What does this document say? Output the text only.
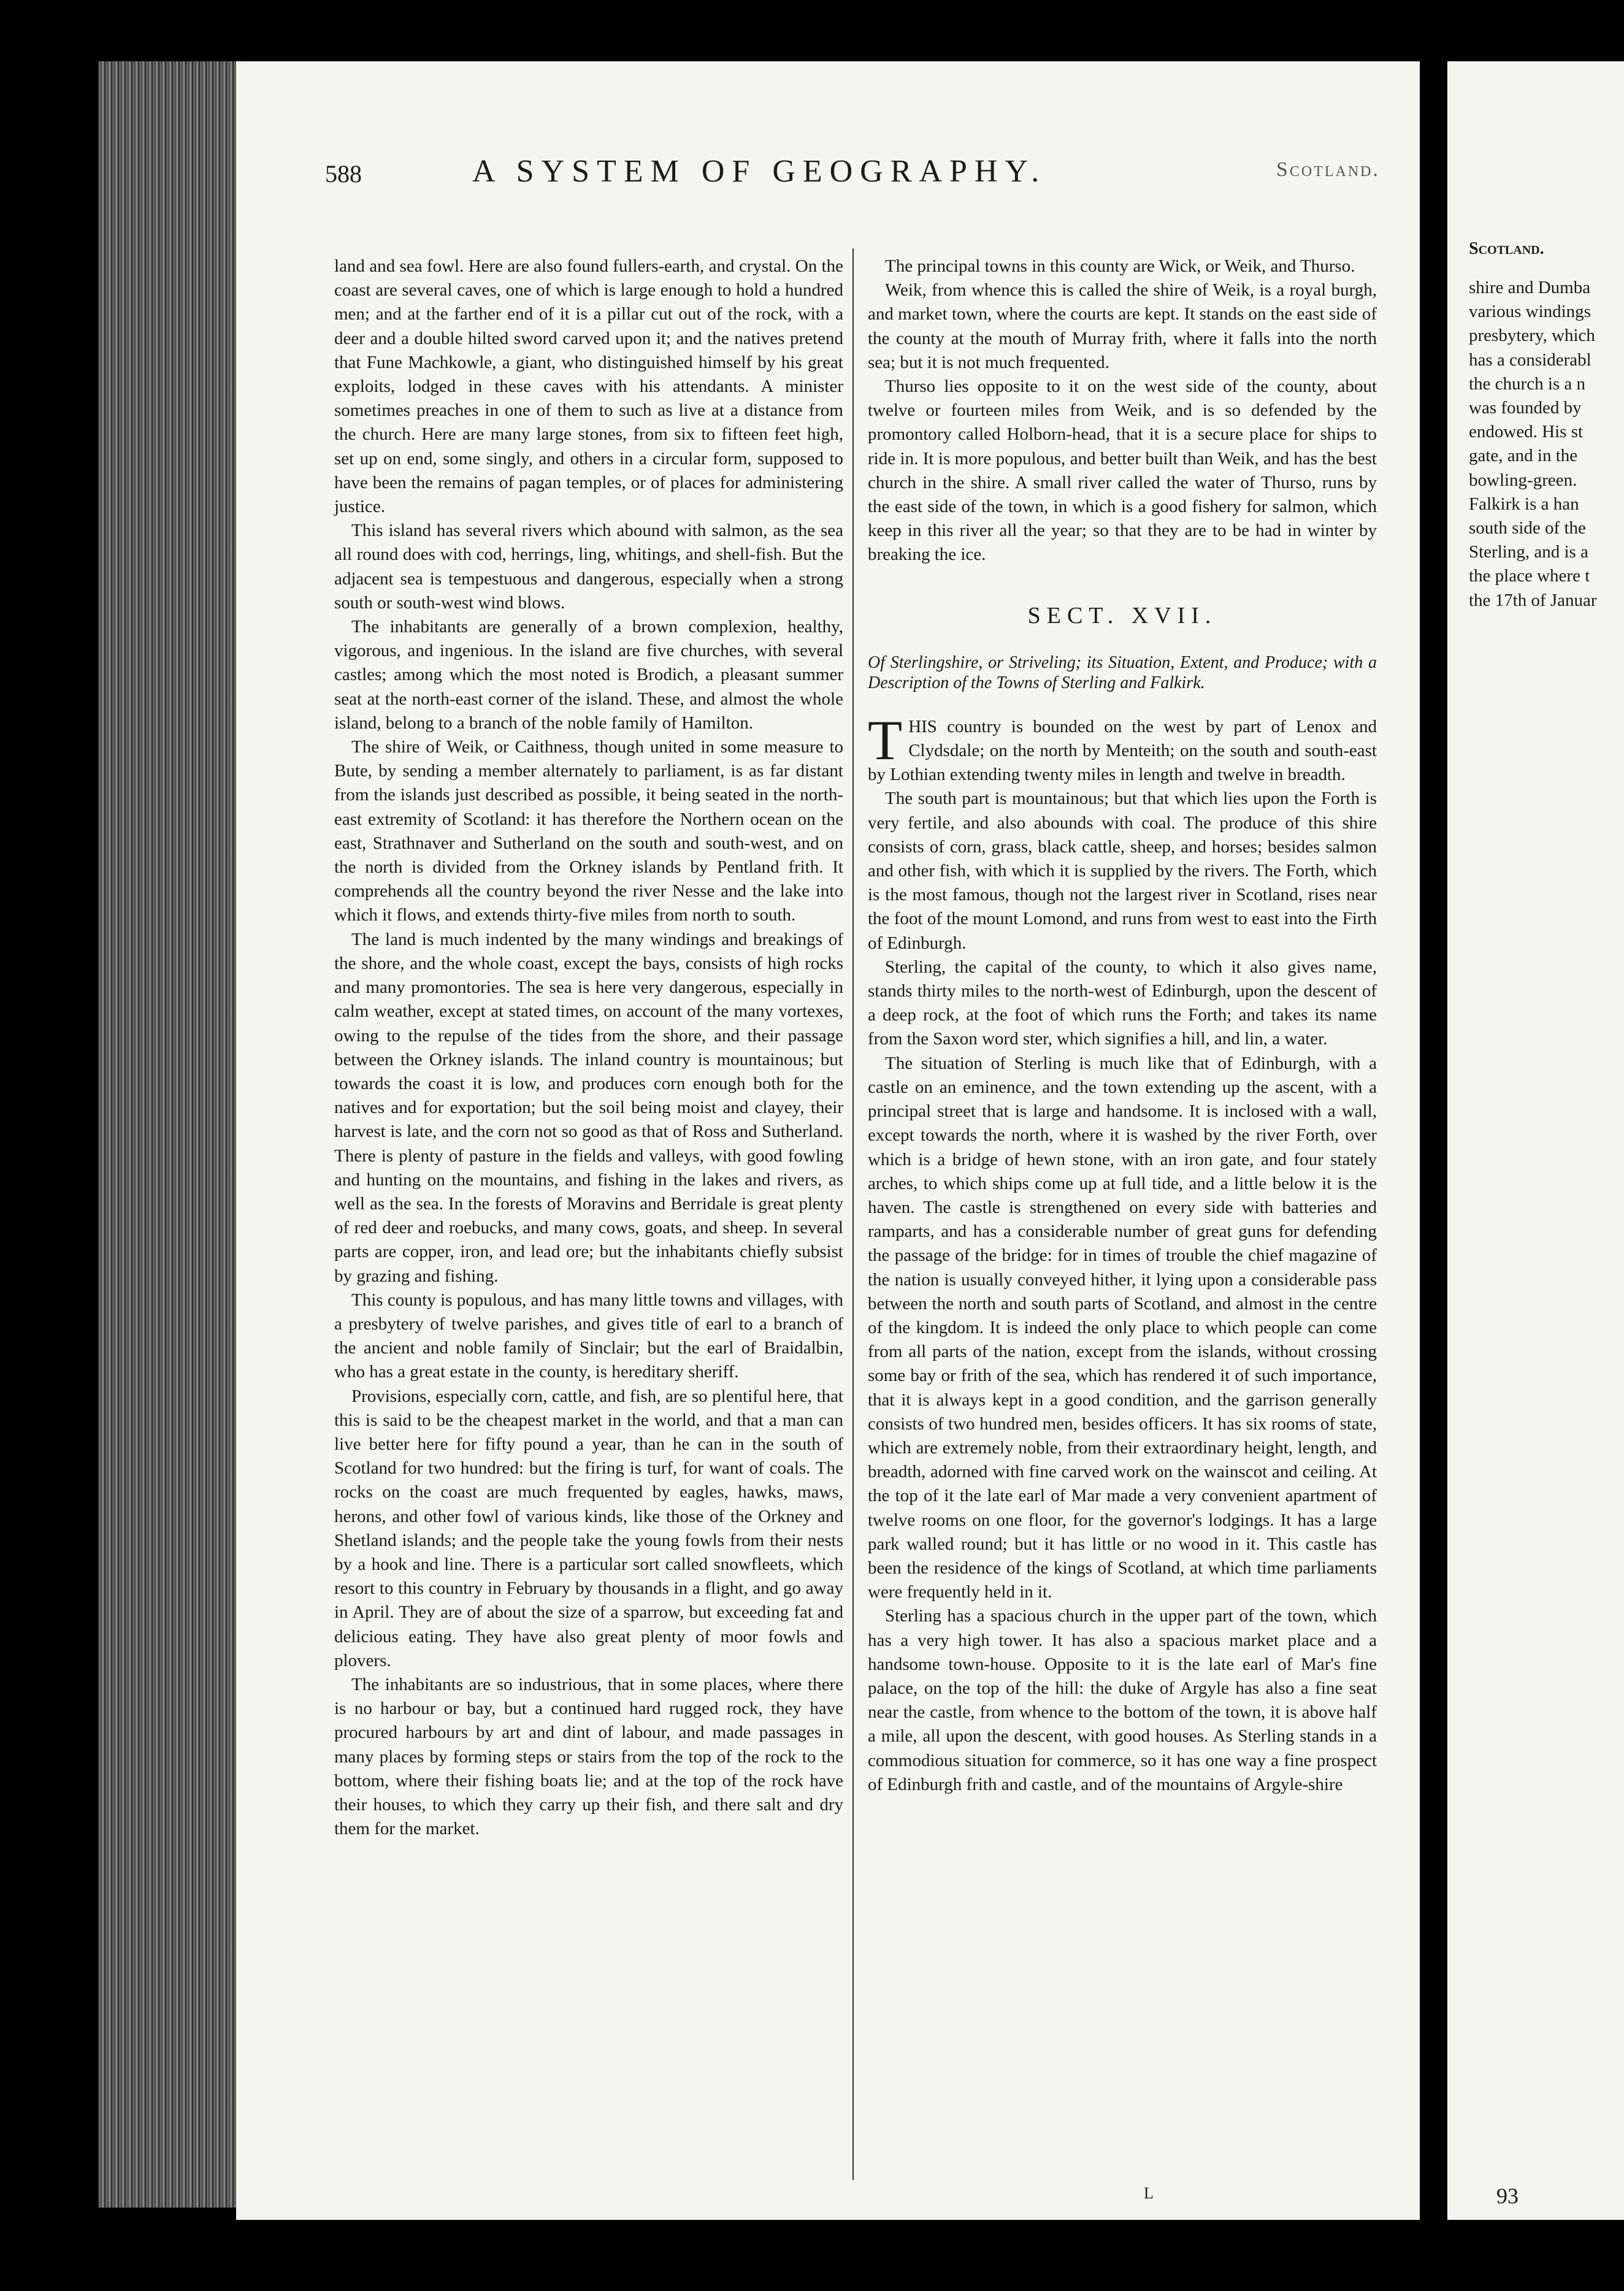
588	A SYSTEM OF GEOGRAPHY.	Scotland.

land and sea fowl. Here are also found fullers-earth, and crystal. On the coast are several caves, one of which is large enough to hold a hundred men; and at the farther end of it is a pillar cut out of the rock, with a deer and a double hilted sword carved upon it; and the natives pretend that Fune Machkowle, a giant, who distinguished himself by his great exploits, lodged in these caves with his attendants. A minister sometimes preaches in one of them to such as live at a distance from the church. Here are many large stones, from six to fifteen feet high, set up on end, some singly, and others in a circular form, supposed to have been the remains of pagan temples, or of places for administering justice.

This island has several rivers which abound with salmon, as the sea all round does with cod, herrings, ling, whitings, and shell-fish. But the adjacent sea is tempestuous and dangerous, especially when a strong south or south-west wind blows.

The inhabitants are generally of a brown complexion, healthy, vigorous, and ingenious. In the island are five churches, with several castles; among which the most noted is Brodich, a pleasant summer seat at the north-east corner of the island. These, and almost the whole island, belong to a branch of the noble family of Hamilton.

The shire of Weik, or Caithness, though united in some measure to Bute, by sending a member alternately to parliament, is as far distant from the islands just described as possible, it being seated in the north-east extremity of Scotland: it has therefore the Northern ocean on the east, Strathnaver and Sutherland on the south and south-west, and on the north is divided from the Orkney islands by Pentland frith. It comprehends all the country beyond the river Nesse and the lake into which it flows, and extends thirty-five miles from north to south.

The land is much indented by the many windings and breakings of the shore, and the whole coast, except the bays, consists of high rocks and many promontories. The sea is here very dangerous, especially in calm weather, except at stated times, on account of the many vortexes, owing to the repulse of the tides from the shore, and their passage between the Orkney islands. The inland country is mountainous; but towards the coast it is low, and produces corn enough both for the natives and for exportation; but the soil being moist and clayey, their harvest is late, and the corn not so good as that of Ross and Sutherland. There is plenty of pasture in the fields and valleys, with good fowling and hunting on the mountains, and fishing in the lakes and rivers, as well as the sea. In the forests of Moravins and Berridale is great plenty of red deer and roebucks, and many cows, goats, and sheep. In several parts are copper, iron, and lead ore; but the inhabitants chiefly subsist by grazing and fishing.

This county is populous, and has many little towns and villages, with a presbytery of twelve parishes, and gives title of earl to a branch of the ancient and noble family of Sinclair; but the earl of Braidalbin, who has a great estate in the county, is hereditary sheriff.

Provisions, especially corn, cattle, and fish, are so plentiful here, that this is said to be the cheapest market in the world, and that a man can live better here for fifty pound a year, than he can in the south of Scotland for two hundred: but the firing is turf, for want of coals. The rocks on the coast are much frequented by eagles, hawks, maws, herons, and other fowl of various kinds, like those of the Orkney and Shetland islands; and the people take the young fowls from their nests by a hook and line. There is a particular sort called snowfleets, which resort to this country in February by thousands in a flight, and go away in April. They are of about the size of a sparrow, but exceeding fat and delicious eating. They have also great plenty of moor fowls and plovers.

The inhabitants are so industrious, that in some places, where there is no harbour or bay, but a continued hard rugged rock, they have procured harbours by art and dint of labour, and made passages in many places by forming steps or stairs from the top of the rock to the bottom, where their fishing boats lie; and at the top of the rock have their houses, to which they carry up their fish, and there salt and dry them for the market.

The principal towns in this county are Wick, or Weik, and Thurso.

Weik, from whence this is called the shire of Weik, is a royal burgh, and market town, where the courts are kept. It stands on the east side of the county at the mouth of Murray frith, where it falls into the north sea; but it is not much frequented.

Thurso lies opposite to it on the west side of the county, about twelve or fourteen miles from Weik, and is so defended by the promontory called Holborn-head, that it is a secure place for ships to ride in. It is more populous, and better built than Weik, and has the best church in the shire. A small river called the water of Thurso, runs by the east side of the town, in which is a good fishery for salmon, which keep in this river all the year; so that they are to be had in winter by breaking the ice.

SECT. XVII.
Of Sterlingshire, or Striveling; its Situation, Extent, and Produce; with a Description of the Towns of Sterling and Falkirk.

THIS country is bounded on the west by part of Lenox and Clydsdale; on the north by Menteith; on the south and south-east by Lothian extending twenty miles in length and twelve in breadth.

The south part is mountainous; but that which lies upon the Forth is very fertile, and also abounds with coal. The produce of this shire consists of corn, grass, black cattle, sheep, and horses; besides salmon and other fish, with which it is supplied by the rivers. The Forth, which is the most famous, though not the largest river in Scotland, rises near the foot of the mount Lomond, and runs from west to east into the Firth of Edinburgh.

Sterling, the capital of the county, to which it also gives name, stands thirty miles to the north-west of Edinburgh, upon the descent of a deep rock, at the foot of which runs the Forth; and takes its name from the Saxon word ster, which signifies a hill, and lin, a water.

The situation of Sterling is much like that of Edinburgh, with a castle on an eminence, and the town extending up the ascent, with a principal street that is large and handsome. It is inclosed with a wall, except towards the north, where it is washed by the river Forth, over which is a bridge of hewn stone, with an iron gate, and four stately arches, to which ships come up at full tide, and a little below it is the haven. The castle is strengthened on every side with batteries and ramparts, and has a considerable number of great guns for defending the passage of the bridge: for in times of trouble the chief magazine of the nation is usually conveyed hither, it lying upon a considerable pass between the north and south parts of Scotland, and almost in the centre of the kingdom. It is indeed the only place to which people can come from all parts of the nation, except from the islands, without crossing some bay or frith of the sea, which has rendered it of such importance, that it is always kept in a good condition, and the garrison generally consists of two hundred men, besides officers. It has six rooms of state, which are extremely noble, from their extraordinary height, length, and breadth, adorned with fine carved work on the wainscot and ceiling. At the top of it the late earl of Mar made a very convenient apartment of twelve rooms on one floor, for the governor's lodgings. It has a large park walled round; but it has little or no wood in it. This castle has been the residence of the kings of Scotland, at which time parliaments were frequently held in it.

Sterling has a spacious church in the upper part of the town, which has a very high tower. It has also a spacious market place and a handsome town-house. Opposite to it is the late earl of Mar's fine palace, on the top of the hill: the duke of Argyle has also a fine seat near the castle, from whence to the bottom of the town, it is above half a mile, all upon the descent, with good houses. As Sterling stands in a commodious situation for commerce, so it has one way a fine prospect of Edinburgh frith and castle, and of the mountains of Argyle-shire

L
Scotland.
shire and Dumba
various windings
presbytery, which
has a considerabl
the church is a n
was founded by
endowed. His st
gate, and in the
bowling-green.
Falkirk is a han
south side of the
Sterling, and is a
the place where t
the 17th of Januar
93
